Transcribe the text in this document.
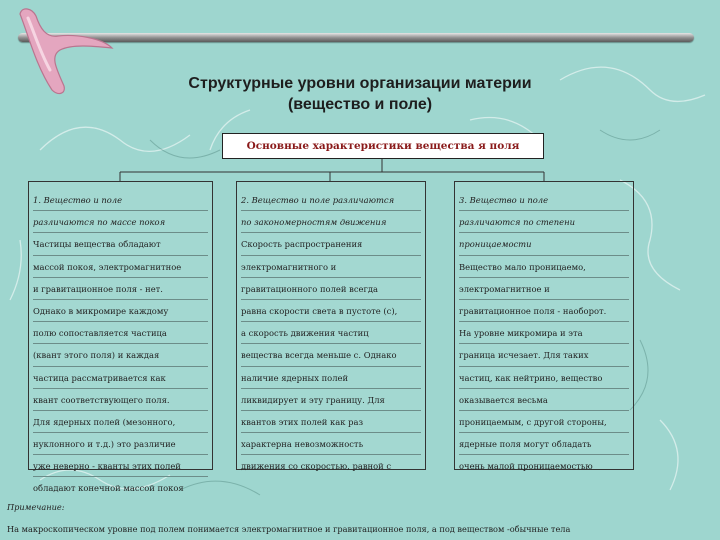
Структурные уровни организации материи
(вещество и поле)
Основные характеристики вещества я поля
1. Вещество и поле
различаются по массе покоя
Частицы вещества обладают
массой покоя, электромагнитное
и гравитационное поля - нет.
Однако в микромире каждому
полю сопоставляется частица
(квант этого поля) и каждая
частица рассматривается как
квант соответствующего поля.
Для ядерных полей (мезонного,
нуклонного и т.д.) это различие
уже неверно - кванты этих полей
обладают конечной массой покоя
2. Вещество и поле различаются
по закономерностям движения
Скорость распространения
электромагнитного и
гравитационного полей всегда
равна скорости света в пустоте (с),
а скорость движения частиц
вещества всегда меньше с. Однако
наличие ядерных полей
ликвидирует и эту границу. Для
квантов этих полей как раз
характерна невозможность
движения со скоростью, равной с
3. Вещество и поле
различаются по степени
проницаемости
Вещество мало проницаемо,
электромагнитное и
гравитационное поля - наоборот.
На уровне микромира и эта
граница исчезает. Для таких
частиц, как нейтрино, вещество
оказывается весьма
проницаемым, с другой стороны,
ядерные поля могут обладать
очень малой проницаемостью
Примечание:
На макроскопическом уровне под полем понимается электромагнитное и гравитационное поля, а под веществом -обычные тела
